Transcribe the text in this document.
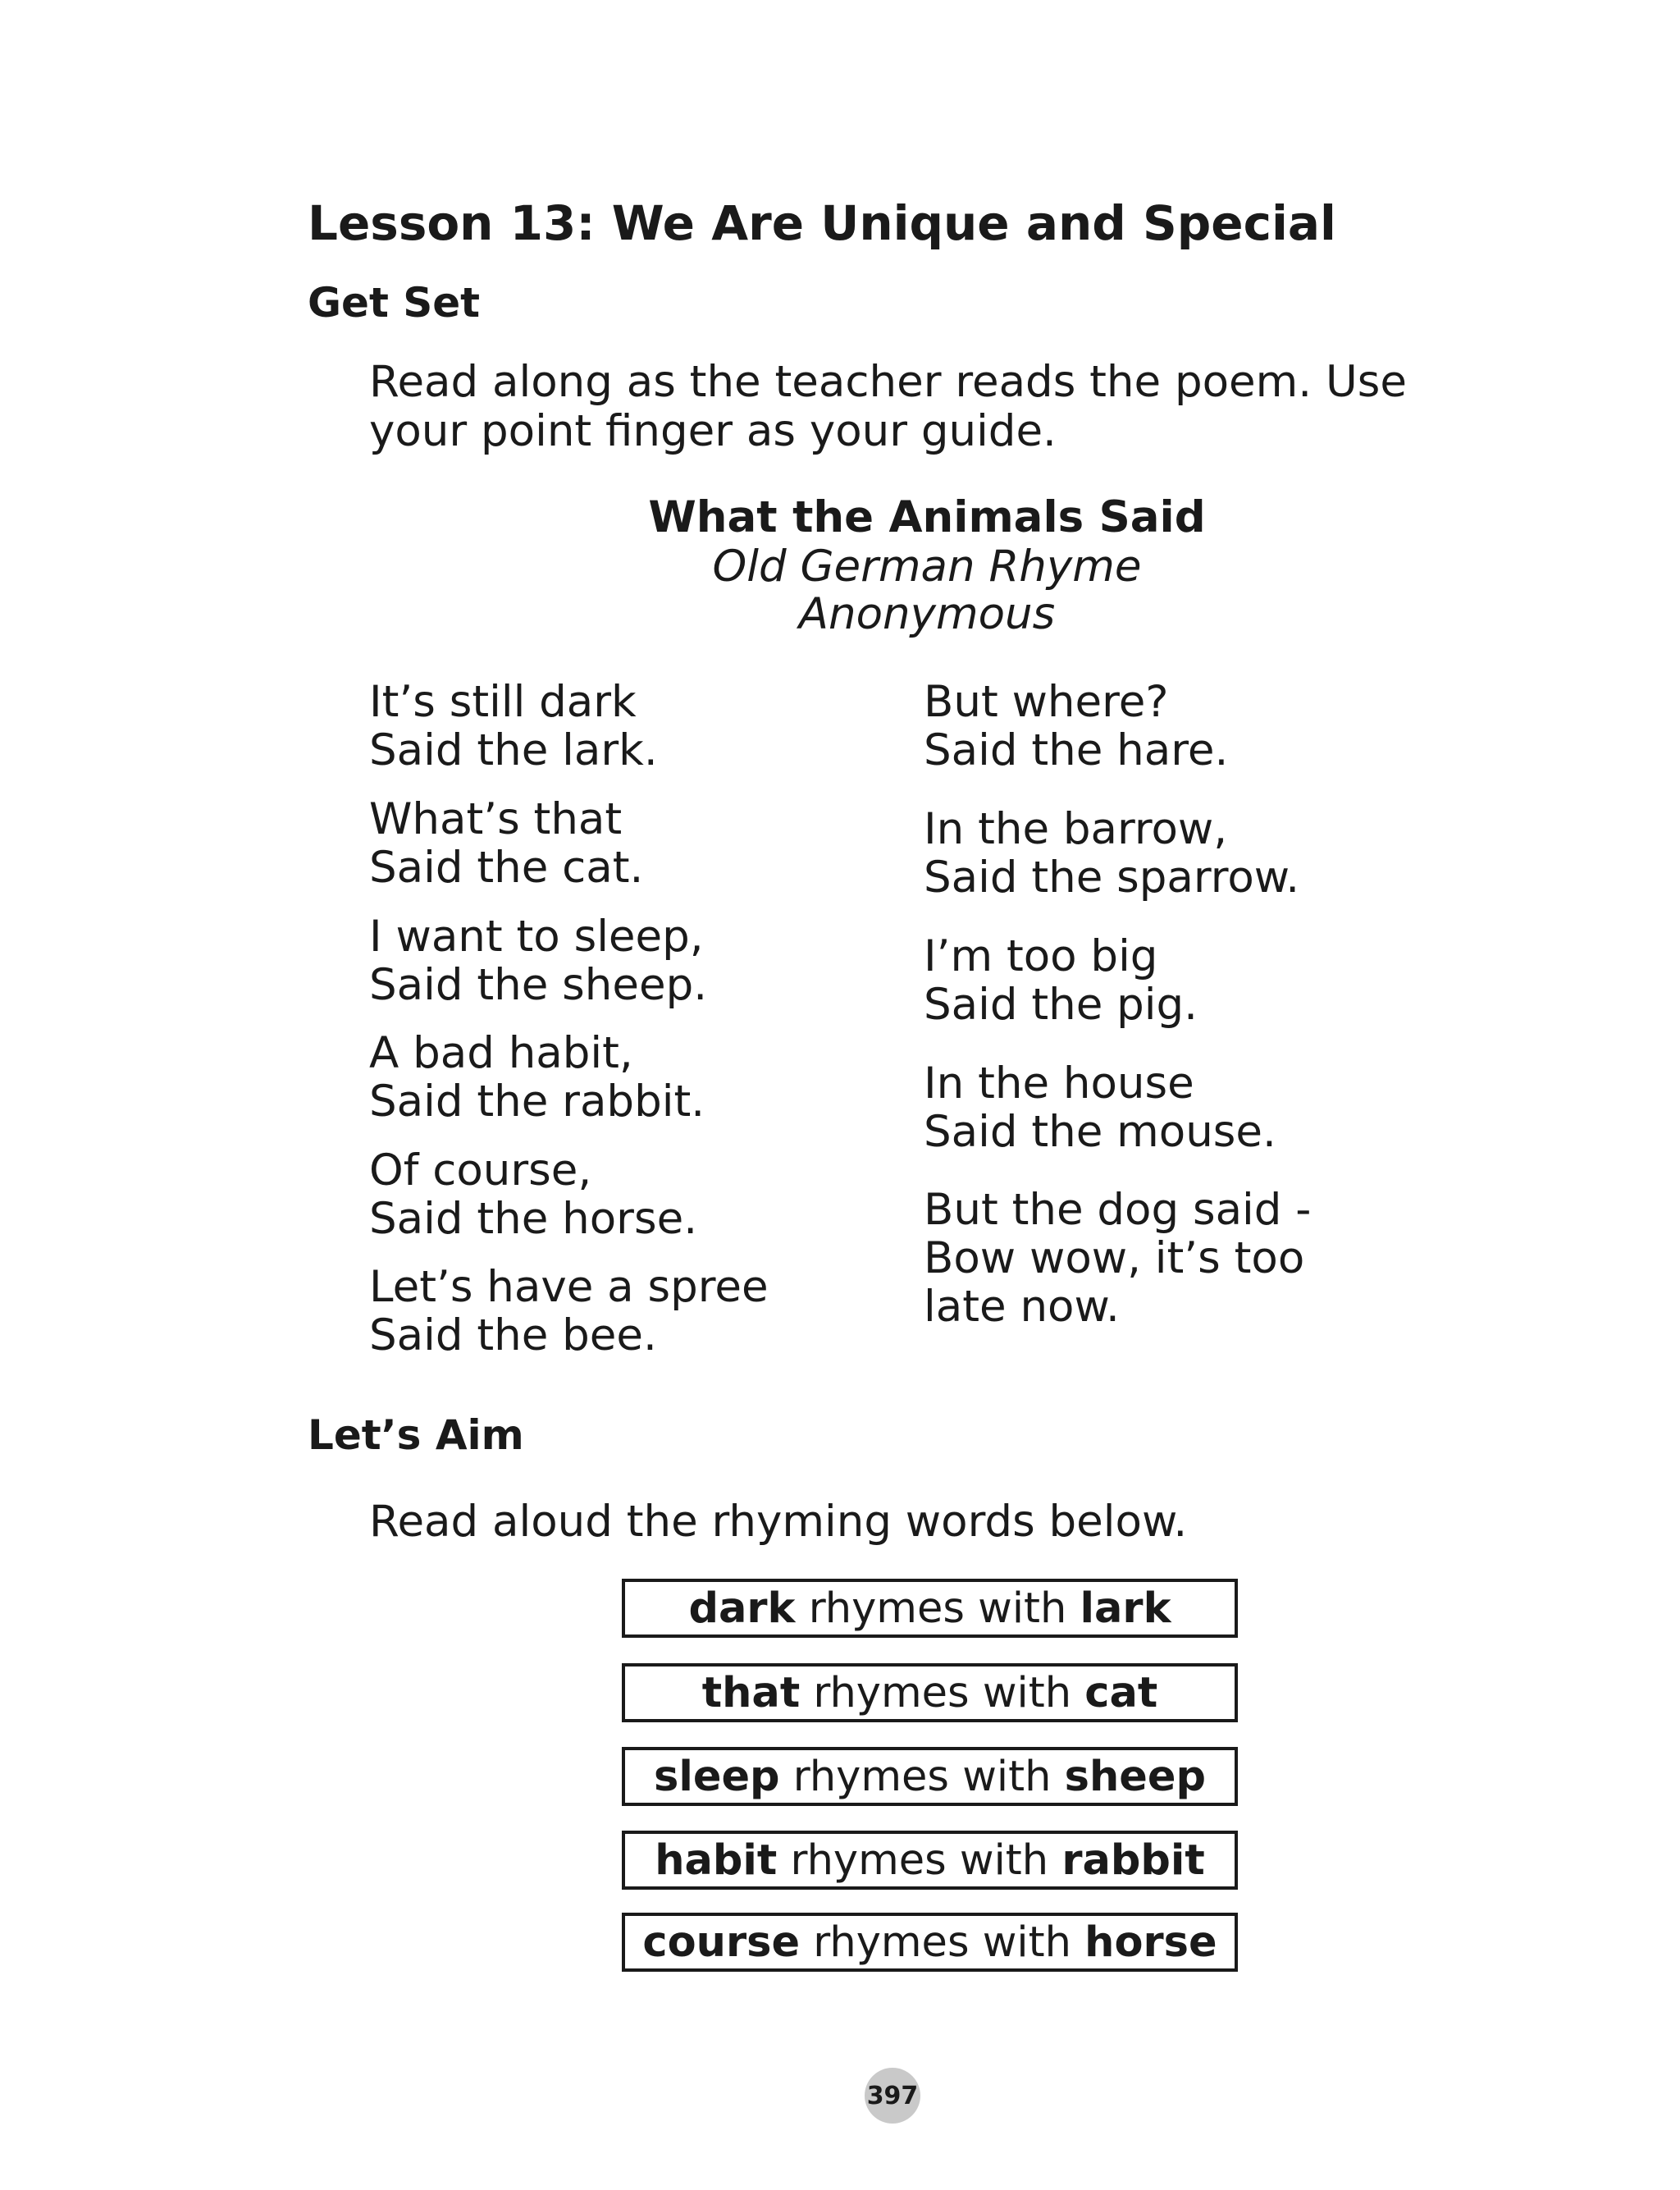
Lesson 13: We Are Unique and Special
Get Set
Read along as the teacher reads the poem. Use
your point finger as your guide.
What the Animals Said
Old German Rhyme
Anonymous
It’s still dark
Said the lark.
What’s that
Said the cat.
I want to sleep,
Said the sheep.
A bad habit,
Said the rabbit.
Of course,
Said the horse.
Let’s have a spree
Said the bee.
But where?
Said the hare.
In the barrow,
Said the sparrow.
I’m too big
Said the pig.
In the house
Said the mouse.
But the dog said -
Bow wow, it’s too
late now.
Let’s Aim
Read aloud the rhyming words below.
dark rhymes with lark
that rhymes with cat
sleep rhymes with sheep
habit rhymes with rabbit
course rhymes with horse
397
